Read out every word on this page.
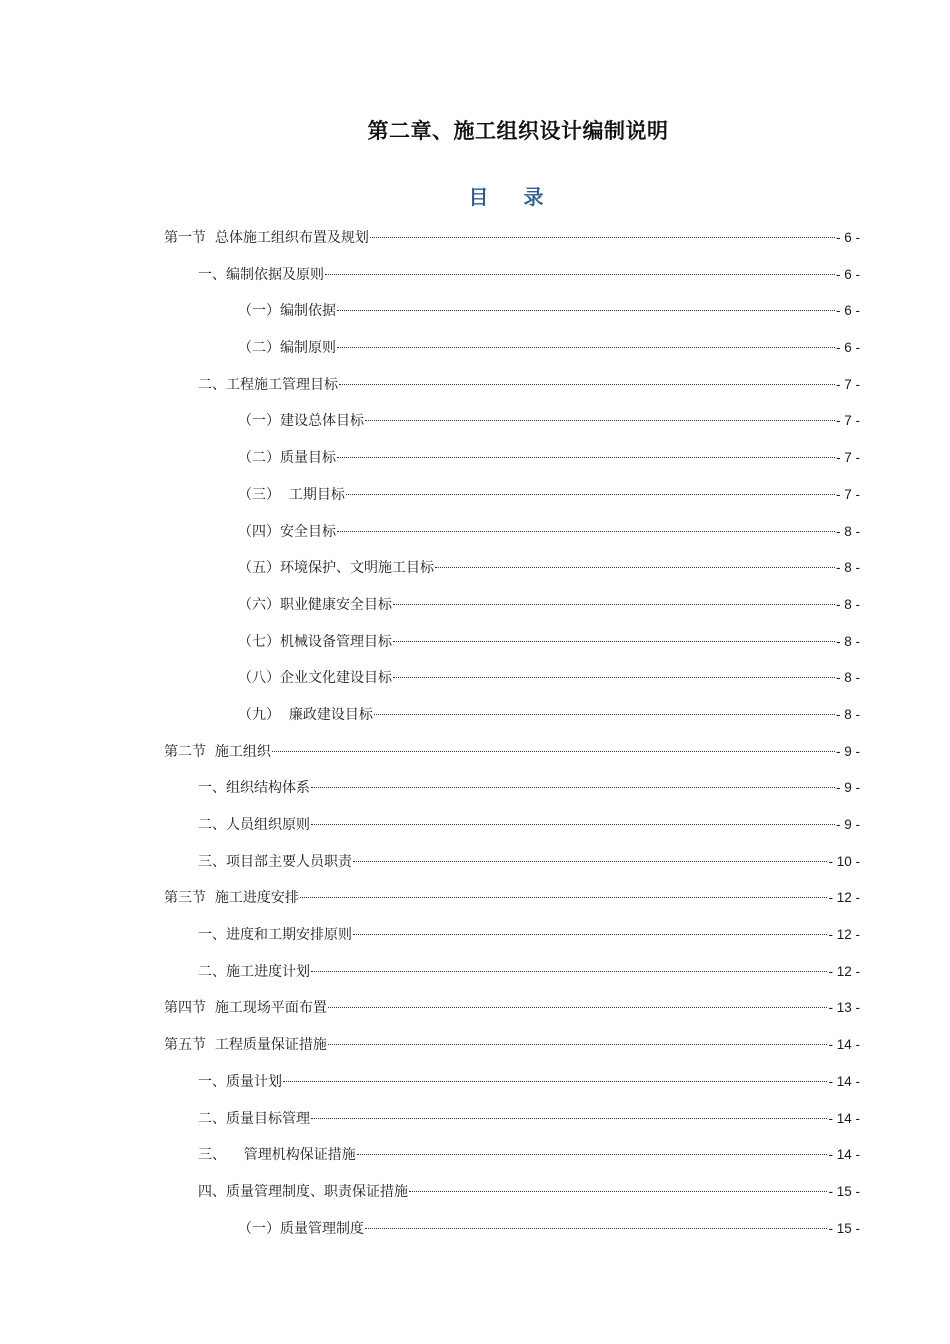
第二章、施工组织设计编制说明
目 录
第一节  总体施工组织布置及规划	- 6 -
一、编制依据及原则	- 6 -
（一）编制依据	- 6 -
（二）编制原则	- 6 -
二、工程施工管理目标	- 7 -
（一）建设总体目标	- 7 -
（二）质量目标	- 7 -
（三）  工期目标	- 7 -
（四）安全目标	- 8 -
（五）环境保护、文明施工目标	- 8 -
（六）职业健康安全目标	- 8 -
（七）机械设备管理目标	- 8 -
（八）企业文化建设目标	- 8 -
（九）  廉政建设目标	- 8 -
第二节  施工组织	- 9 -
一、组织结构体系	- 9 -
二、人员组织原则	- 9 -
三、项目部主要人员职责	- 10 -
第三节  施工进度安排	- 12 -
一、进度和工期安排原则	- 12 -
二、施工进度计划	- 12 -
第四节  施工现场平面布置	- 13 -
第五节  工程质量保证措施	- 14 -
一、质量计划	- 14 -
二、质量目标管理	- 14 -
三、    管理机构保证措施	- 14 -
四、质量管理制度、职责保证措施	- 15 -
（一）质量管理制度	- 15 -
